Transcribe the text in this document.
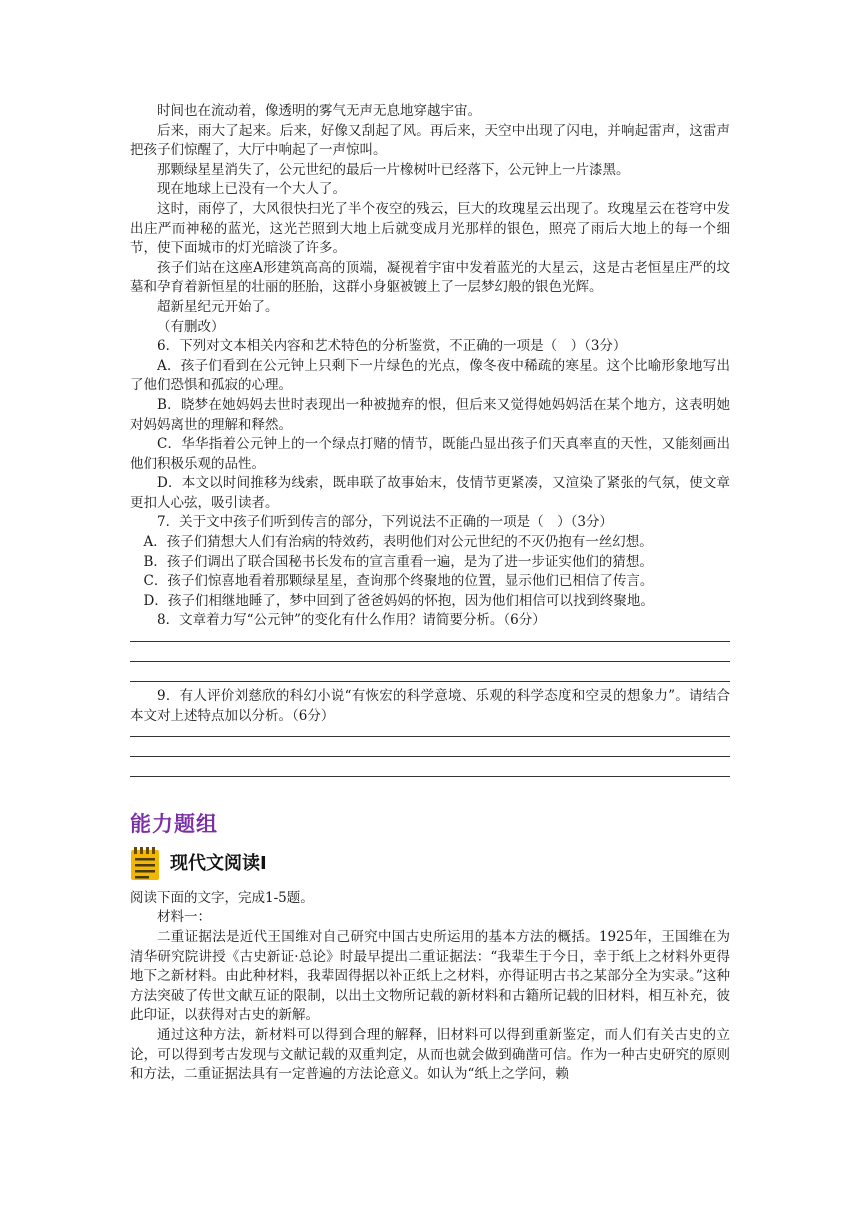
时间也在流动着，像透明的雾气无声无息地穿越宇宙。

后来，雨大了起来。后来，好像又刮起了风。再后来，天空中出现了闪电，并响起雷声，这雷声把孩子们惊醒了，大厅中响起了一声惊叫。

那颗绿星星消失了，公元世纪的最后一片橡树叶已经落下，公元钟上一片漆黑。

现在地球上已没有一个大人了。

这时，雨停了，大风很快扫光了半个夜空的残云，巨大的玫瑰星云出现了。玫瑰星云在苍穹中发出庄严而神秘的蓝光，这光芒照到大地上后就变成月光那样的银色，照亮了雨后大地上的每一个细节，使下面城市的灯光暗淡了许多。

孩子们站在这座A形建筑高高的顶端，凝视着宇宙中发着蓝光的大星云，这是古老恒星庄严的坟墓和孕育着新恒星的壮丽的胚胎，这群小身躯被镀上了一层梦幻般的银色光辉。

超新星纪元开始了。

（有删改）

6．下列对文本相关内容和艺术特色的分析鉴赏，不正确的一项是（　）（3分）

A．孩子们看到在公元钟上只剩下一片绿色的光点，像冬夜中稀疏的寒星。这个比喻形象地写出了他们恐惧和孤寂的心理。

B．晓梦在她妈妈去世时表现出一种被抛弃的恨，但后来又觉得她妈妈活在某个地方，这表明她对妈妈离世的理解和释然。

C．华华指着公元钟上的一个绿点打赌的情节，既能凸显出孩子们天真率直的天性，又能刻画出他们积极乐观的品性。

D．本文以时间推移为线索，既串联了故事始末，伎情节更紧凑，又渲染了紧张的气氛，使文章更扣人心弦，吸引读者。

7．关于文中孩子们听到传言的部分，下列说法不正确的一项是（　）（3分）

A．孩子们猜想大人们有治病的特效药，表明他们对公元世纪的不灭仍抱有一丝幻想。

B．孩子们调出了联合国秘书长发布的宣言重看一遍，是为了进一步证实他们的猜想。

C．孩子们惊喜地看着那颗绿星星，查询那个终聚地的位置，显示他们已相信了传言。

D．孩子们相继地睡了，梦中回到了爸爸妈妈的怀抱，因为他们相信可以找到终聚地。

8．文章着力写“公元钟”的变化有什么作用？请简要分析。（6分）

9．有人评价刘慈欣的科幻小说“有恢宏的科学意境、乐观的科学态度和空灵的想象力”。请结合本文对上述特点加以分析。（6分）

能力题组
现代文阅读Ⅰ

阅读下面的文字，完成1-5题。

材料一：

二重证据法是近代王国维对自己研究中国古史所运用的基本方法的概括。1925年，王国维在为清华研究院讲授《古史新证·总论》时最早提出二重证据法：“我辈生于今日，幸于纸上之材料外更得地下之新材料。由此种材料，我辈固得据以补正纸上之材料，亦得证明古书之某部分全为实录。”这种方法突破了传世文献互证的限制，以出土文物所记载的新材料和古籍所记载的旧材料，相互补充，彼此印证，以获得对古史的新解。

通过这种方法，新材料可以得到合理的解释，旧材料可以得到重新鉴定，而人们有关古史的立论，可以得到考古发现与文献记载的双重判定，从而也就会做到确凿可信。作为一种古史研究的原则和方法，二重证据法具有一定普遍的方法论意义。如认为“纸上之学问，赖
